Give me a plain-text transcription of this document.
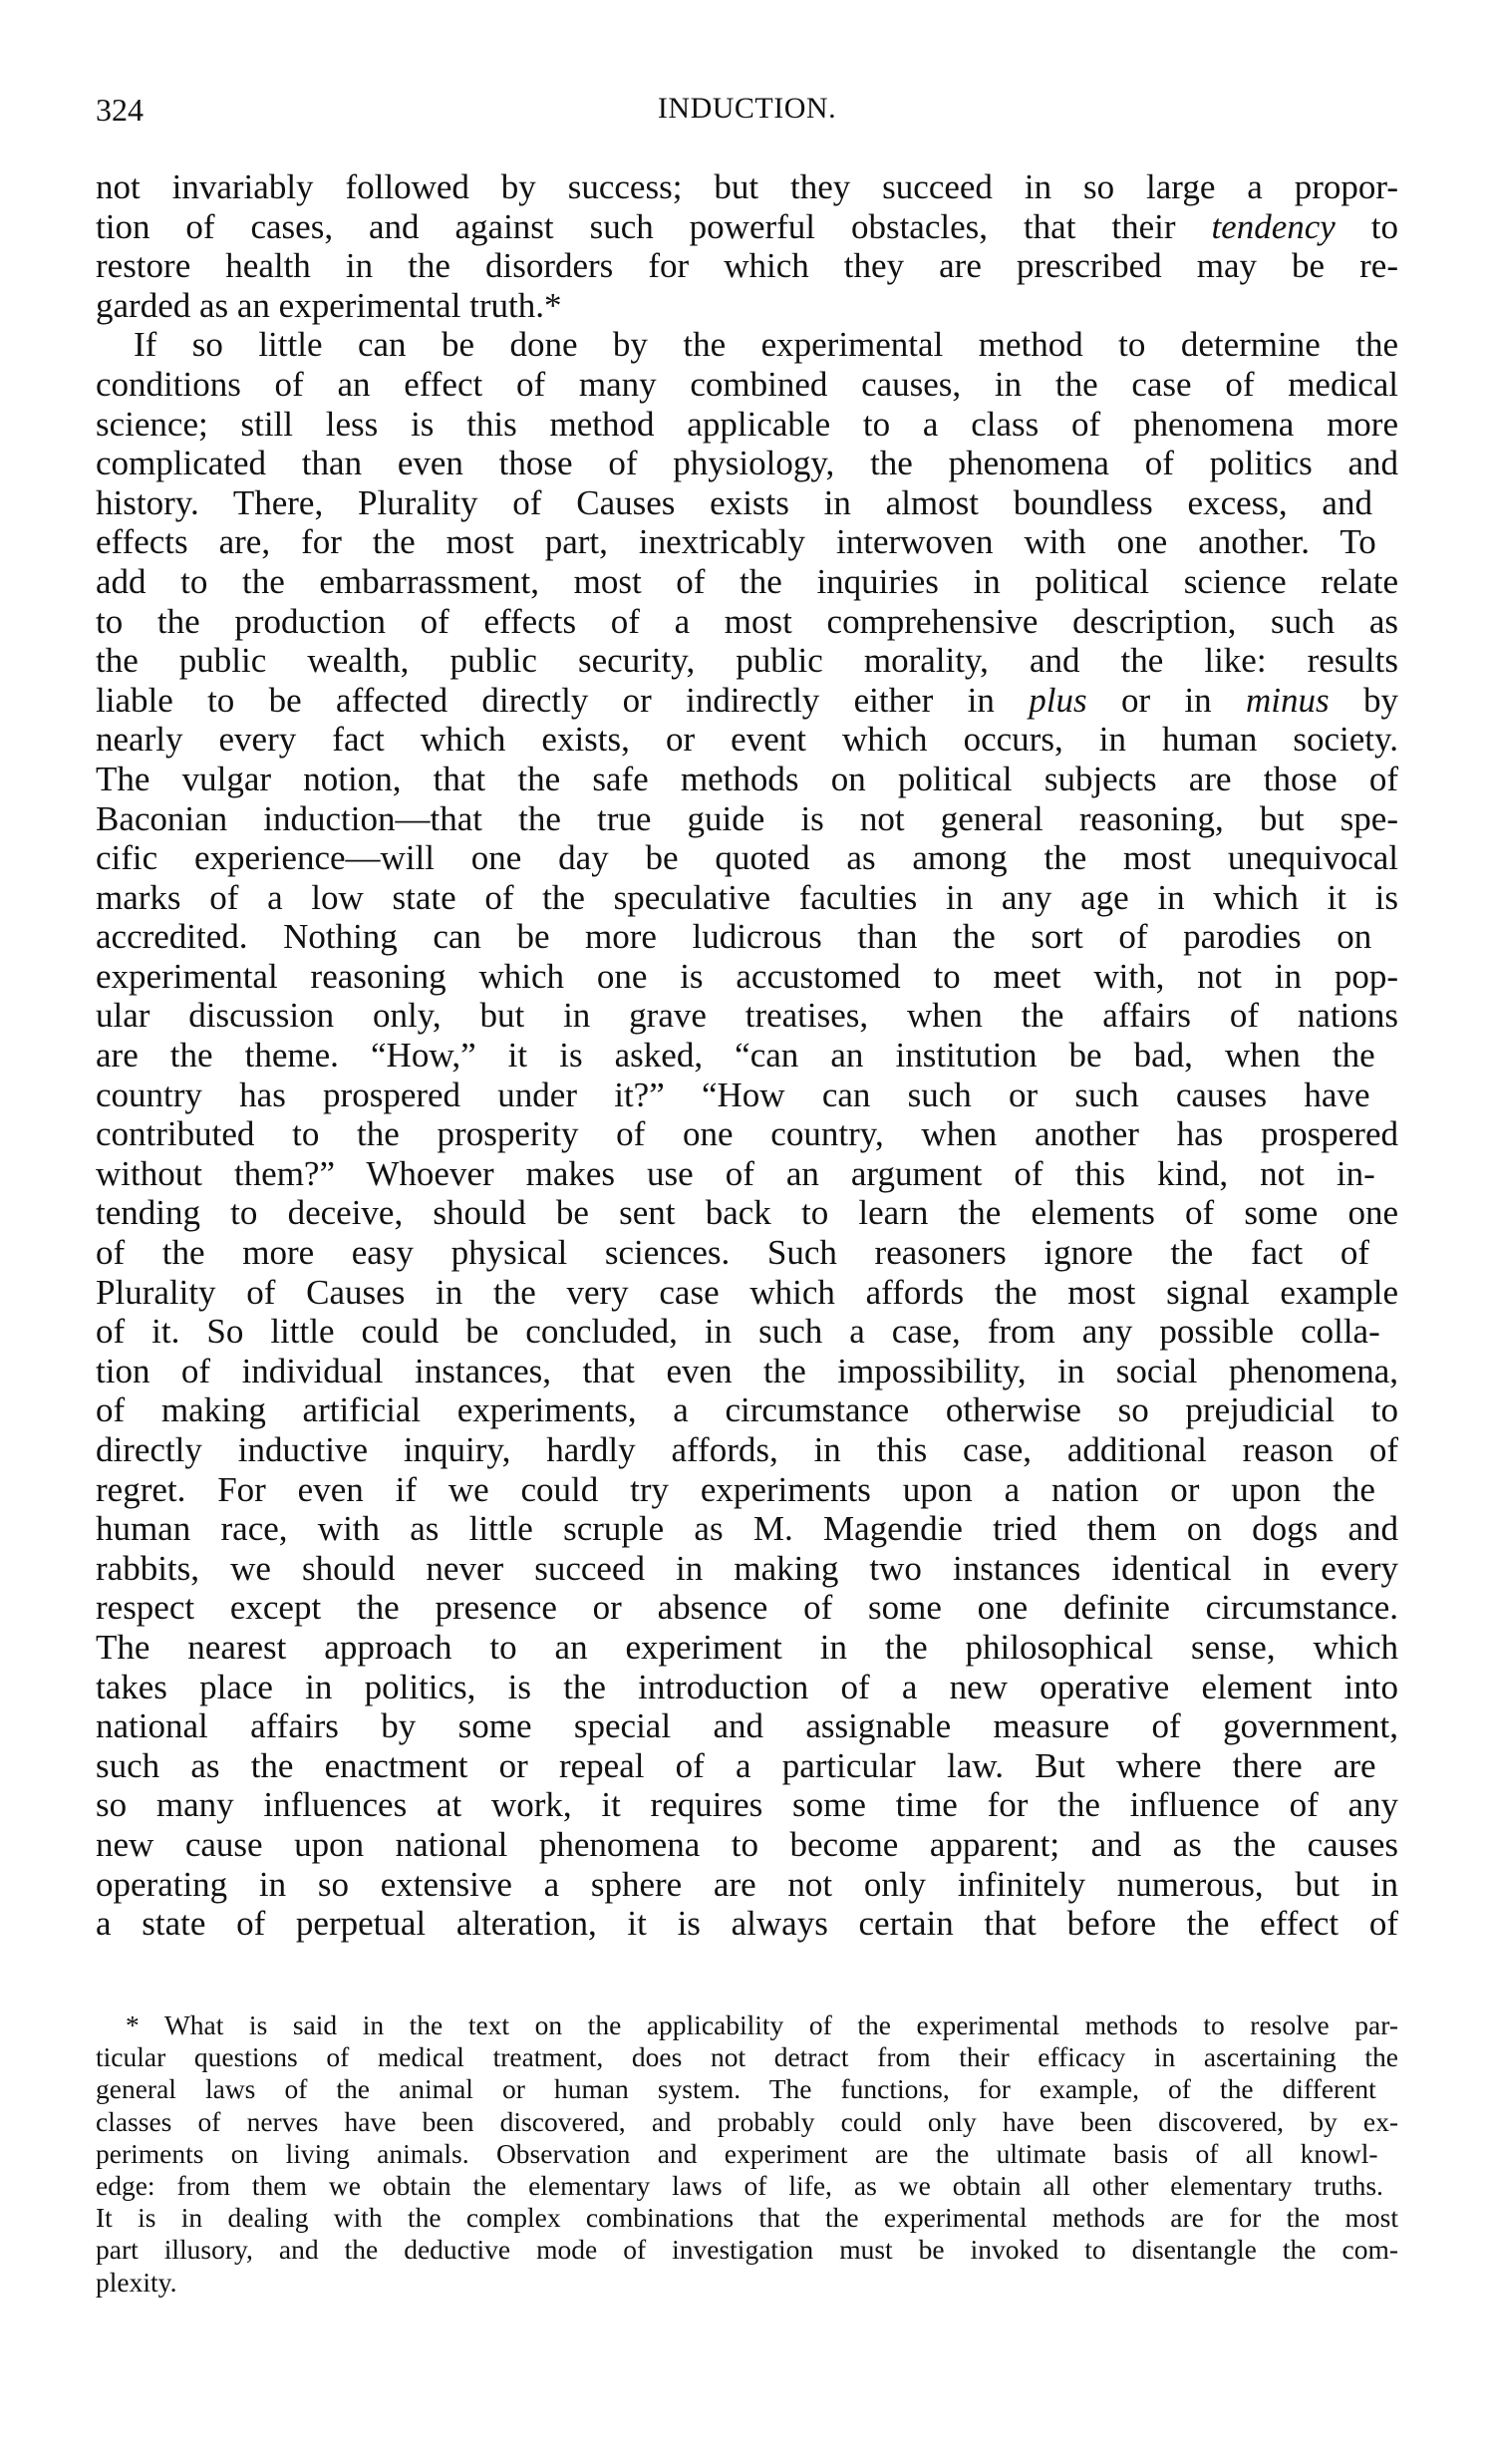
324	INDUCTION.
not invariably followed by success; but they succeed in so large a propor-
tion of cases, and against such powerful obstacles, that their tendency to
restore health in the disorders for which they are prescribed may be re-
garded as an experimental truth.*
If so little can be done by the experimental method to determine the
conditions of an effect of many combined causes, in the case of medical
science; still less is this method applicable to a class of phenomena more
complicated than even those of physiology, the phenomena of politics and
history. There, Plurality of Causes exists in almost boundless excess, and
effects are, for the most part, inextricably interwoven with one another. To
add to the embarrassment, most of the inquiries in political science relate
to the production of effects of a most comprehensive description, such as
the public wealth, public security, public morality, and the like: results
liable to be affected directly or indirectly either in plus or in minus by
nearly every fact which exists, or event which occurs, in human society.
The vulgar notion, that the safe methods on political subjects are those of
Baconian induction—that the true guide is not general reasoning, but spe-
cific experience—will one day be quoted as among the most unequivocal
marks of a low state of the speculative faculties in any age in which it is
accredited. Nothing can be more ludicrous than the sort of parodies on
experimental reasoning which one is accustomed to meet with, not in pop-
ular discussion only, but in grave treatises, when the affairs of nations
are the theme. “How,” it is asked, “can an institution be bad, when the
country has prospered under it?” “How can such or such causes have
contributed to the prosperity of one country, when another has prospered
without them?” Whoever makes use of an argument of this kind, not in-
tending to deceive, should be sent back to learn the elements of some one
of the more easy physical sciences. Such reasoners ignore the fact of
Plurality of Causes in the very case which affords the most signal example
of it. So little could be concluded, in such a case, from any possible colla-
tion of individual instances, that even the impossibility, in social phenomena,
of making artificial experiments, a circumstance otherwise so prejudicial to
directly inductive inquiry, hardly affords, in this case, additional reason of
regret. For even if we could try experiments upon a nation or upon the
human race, with as little scruple as M. Magendie tried them on dogs and
rabbits, we should never succeed in making two instances identical in every
respect except the presence or absence of some one definite circumstance.
The nearest approach to an experiment in the philosophical sense, which
takes place in politics, is the introduction of a new operative element into
national affairs by some special and assignable measure of government,
such as the enactment or repeal of a particular law. But where there are
so many influences at work, it requires some time for the influence of any
new cause upon national phenomena to become apparent; and as the causes
operating in so extensive a sphere are not only infinitely numerous, but in
a state of perpetual alteration, it is always certain that before the effect of
* What is said in the text on the applicability of the experimental methods to resolve par-
ticular questions of medical treatment, does not detract from their efficacy in ascertaining the
general laws of the animal or human system. The functions, for example, of the different
classes of nerves have been discovered, and probably could only have been discovered, by ex-
periments on living animals. Observation and experiment are the ultimate basis of all knowl-
edge: from them we obtain the elementary laws of life, as we obtain all other elementary truths.
It is in dealing with the complex combinations that the experimental methods are for the most
part illusory, and the deductive mode of investigation must be invoked to disentangle the com-
plexity.
